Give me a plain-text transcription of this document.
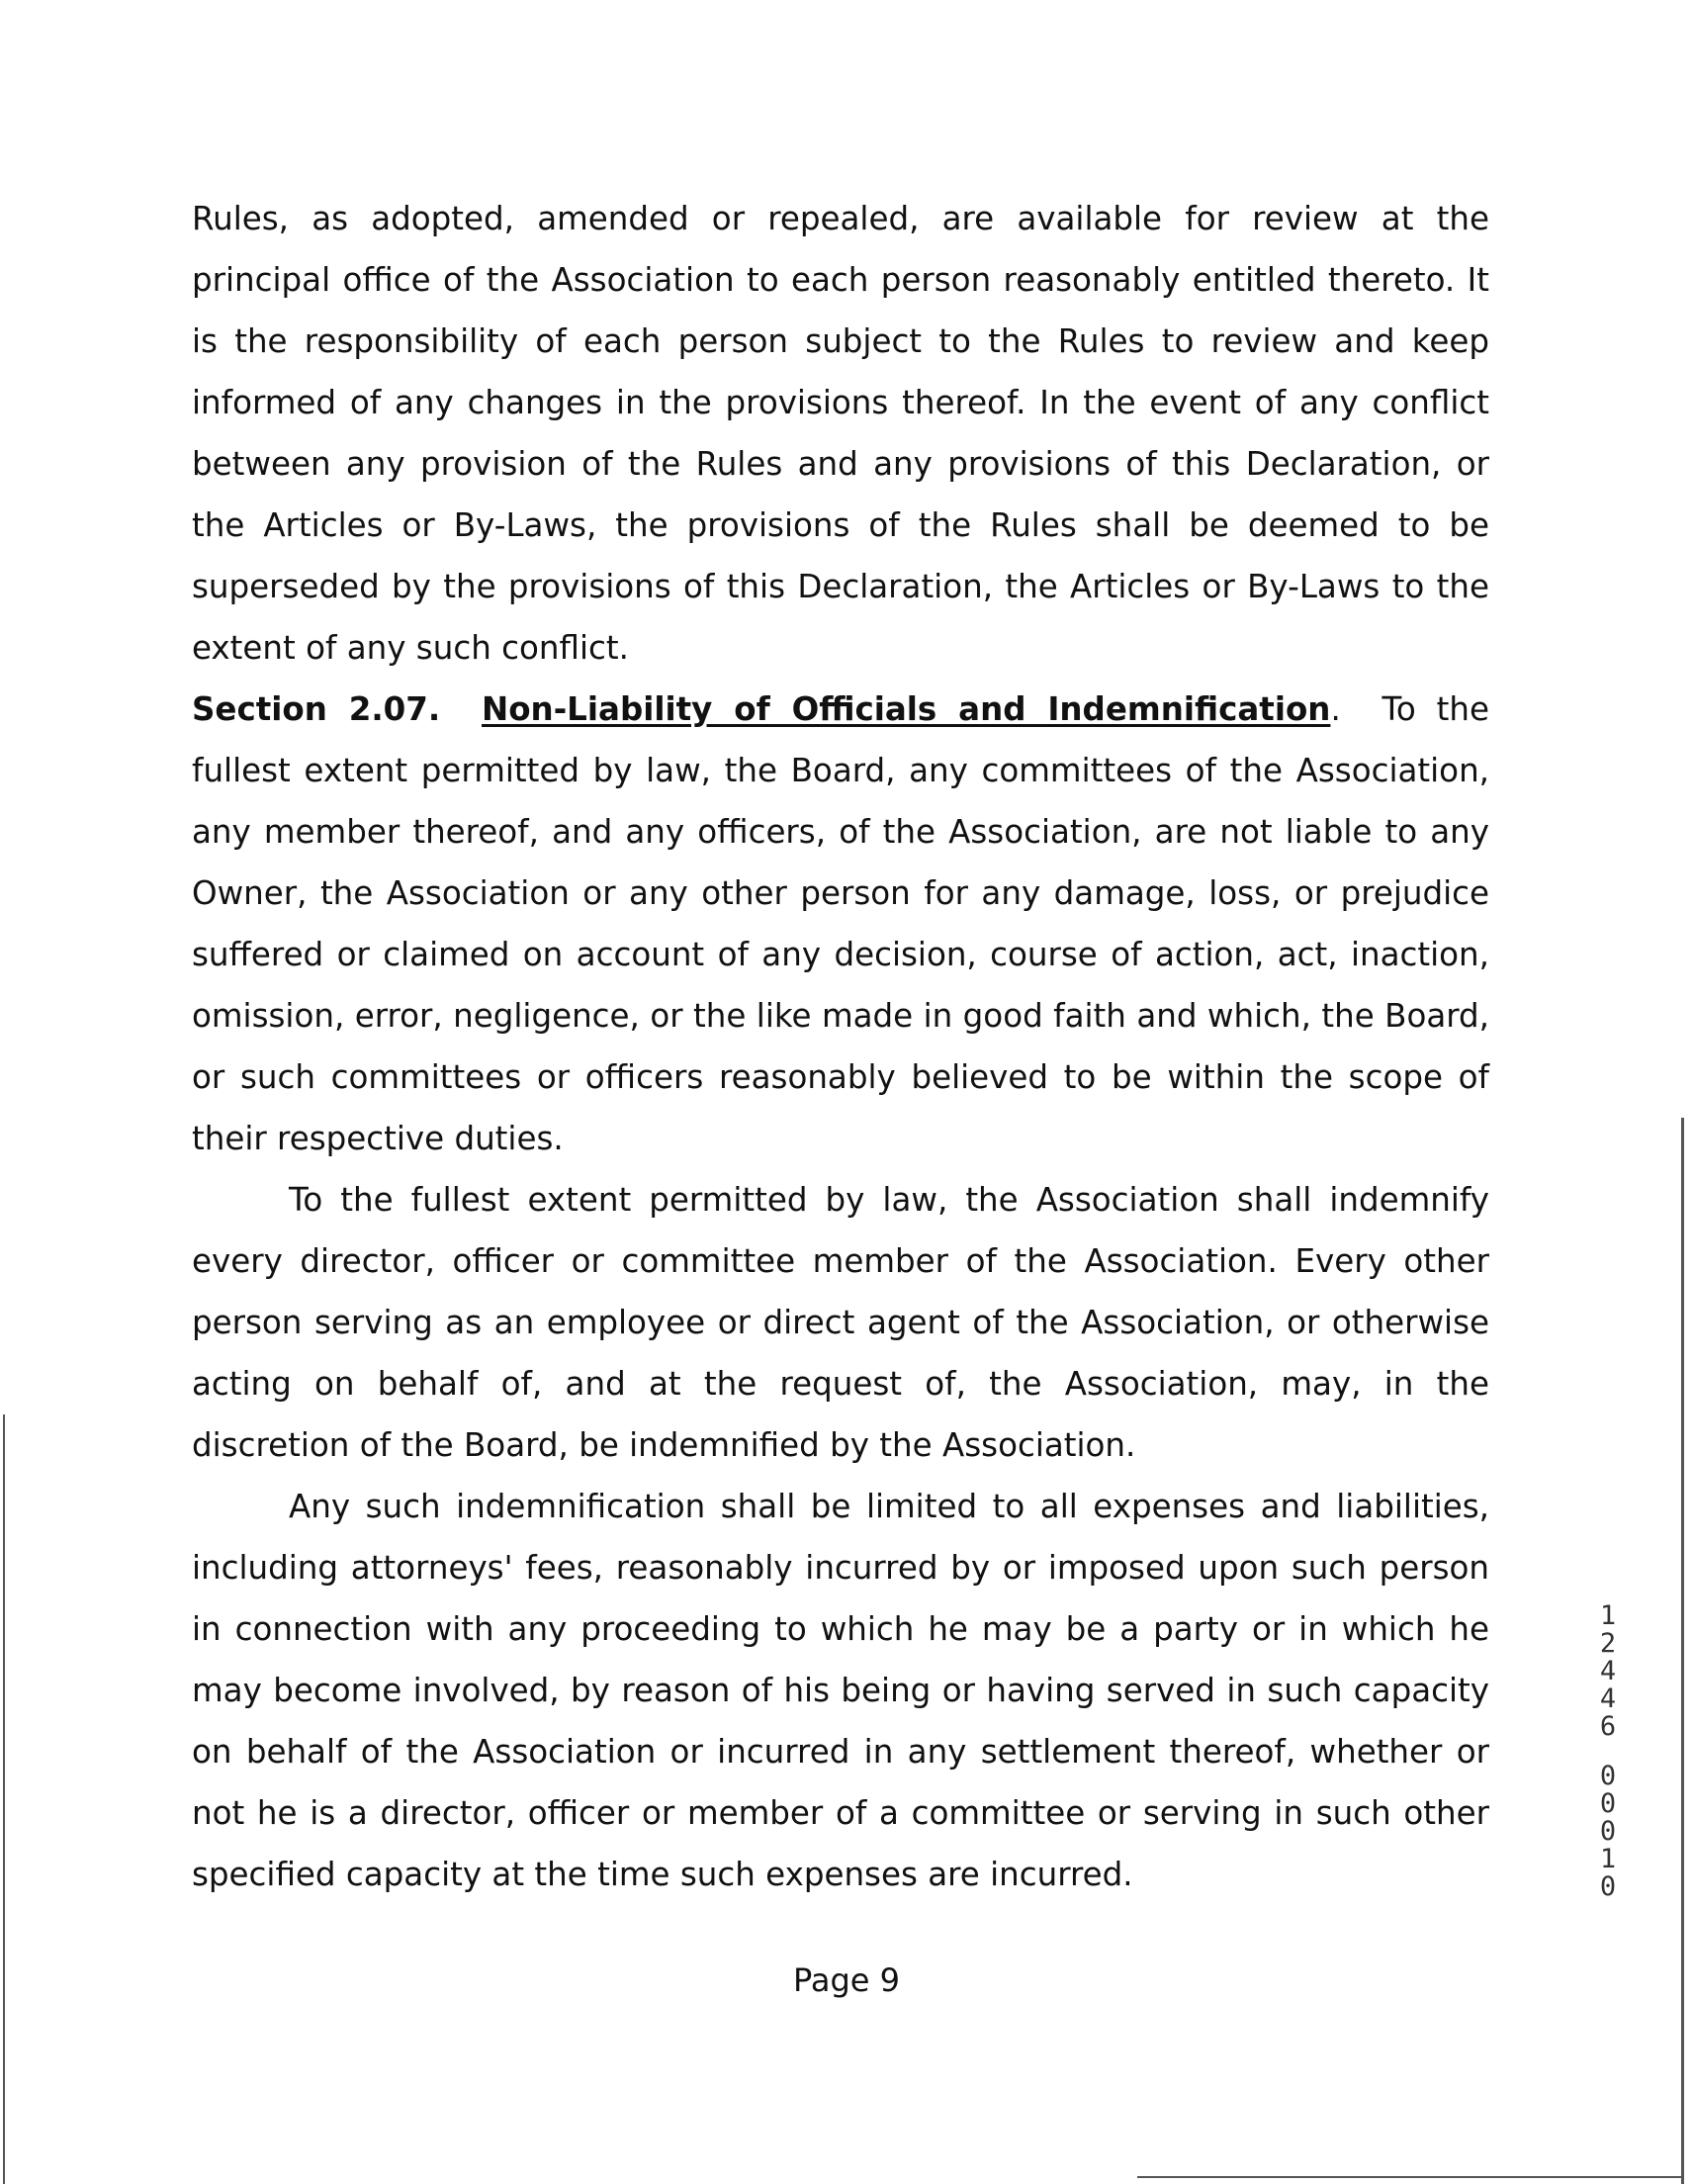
Rules, as adopted, amended or repealed, are available for review at the principal office of the Association to each person reasonably entitled thereto. It is the responsibility of each person subject to the Rules to review and keep informed of any changes in the provisions thereof. In the event of any conflict between any provision of the Rules and any provisions of this Declaration, or the Articles or By-Laws, the provisions of the Rules shall be deemed to be superseded by the provisions of this Declaration, the Articles or By-Laws to the extent of any such conflict.

Section 2.07. Non-Liability of Officials and Indemnification. To the fullest extent permitted by law, the Board, any committees of the Association, any member thereof, and any officers, of the Association, are not liable to any Owner, the Association or any other person for any damage, loss, or prejudice suffered or claimed on account of any decision, course of action, act, inaction, omission, error, negligence, or the like made in good faith and which, the Board, or such committees or officers reasonably believed to be within the scope of their respective duties.

To the fullest extent permitted by law, the Association shall indemnify every director, officer or committee member of the Association. Every other person serving as an employee or direct agent of the Association, or otherwise acting on behalf of, and at the request of, the Association, may, in the discretion of the Board, be indemnified by the Association.

Any such indemnification shall be limited to all expenses and liabilities, including attorneys' fees, reasonably incurred by or imposed upon such person in connection with any proceeding to which he may be a party or in which he may become involved, by reason of his being or having served in such capacity on behalf of the Association or incurred in any settlement thereof, whether or not he is a director, officer or member of a committee or serving in such other specified capacity at the time such expenses are incurred.

Page 9
1
2
4
4
6
0
0
0
1
0
